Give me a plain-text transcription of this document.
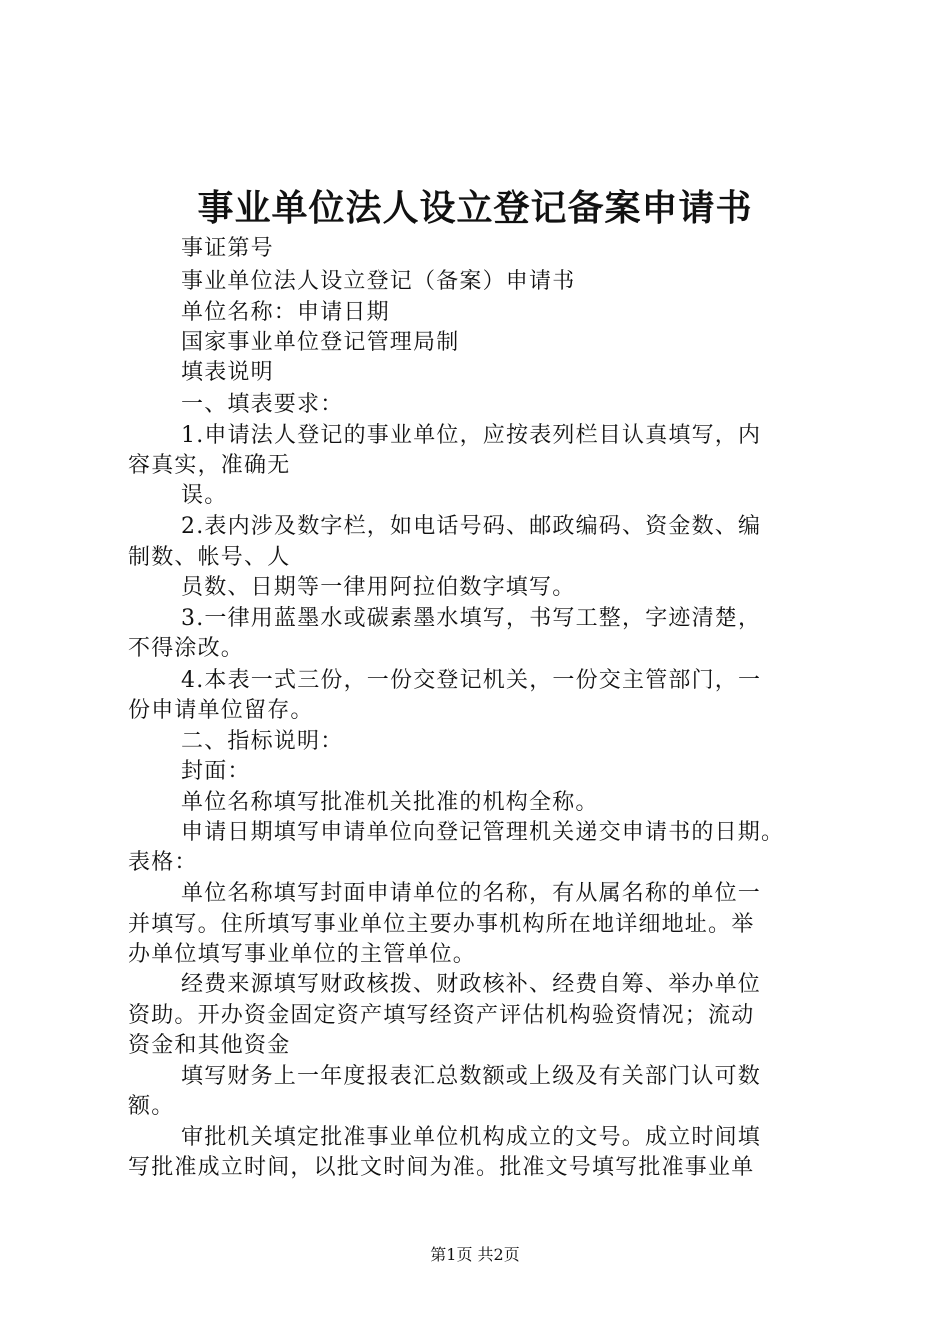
事业单位法人设立登记备案申请书
事证第号
事业单位法人设立登记（备案）申请书
单位名称：申请日期
国家事业单位登记管理局制
填表说明
一、填表要求：
1.申请法人登记的事业单位，应按表列栏目认真填写，内
容真实，准确无
误。
2.表内涉及数字栏，如电话号码、邮政编码、资金数、编
制数、帐号、人
员数、日期等一律用阿拉伯数字填写。
3.一律用蓝墨水或碳素墨水填写，书写工整，字迹清楚，
不得涂改。
4.本表一式三份，一份交登记机关，一份交主管部门，一
份申请单位留存。
二、指标说明：
封面：
单位名称填写批准机关批准的机构全称。
申请日期填写申请单位向登记管理机关递交申请书的日期。
表格：
单位名称填写封面申请单位的名称，有从属名称的单位一
并填写。住所填写事业单位主要办事机构所在地详细地址。举
办单位填写事业单位的主管单位。
经费来源填写财政核拨、财政核补、经费自筹、举办单位
资助。开办资金固定资产填写经资产评估机构验资情况；流动
资金和其他资金
填写财务上一年度报表汇总数额或上级及有关部门认可数
额。
审批机关填定批准事业单位机构成立的文号。成立时间填
写批准成立时间，以批文时间为准。批准文号填写批准事业单
第1页 共2页
